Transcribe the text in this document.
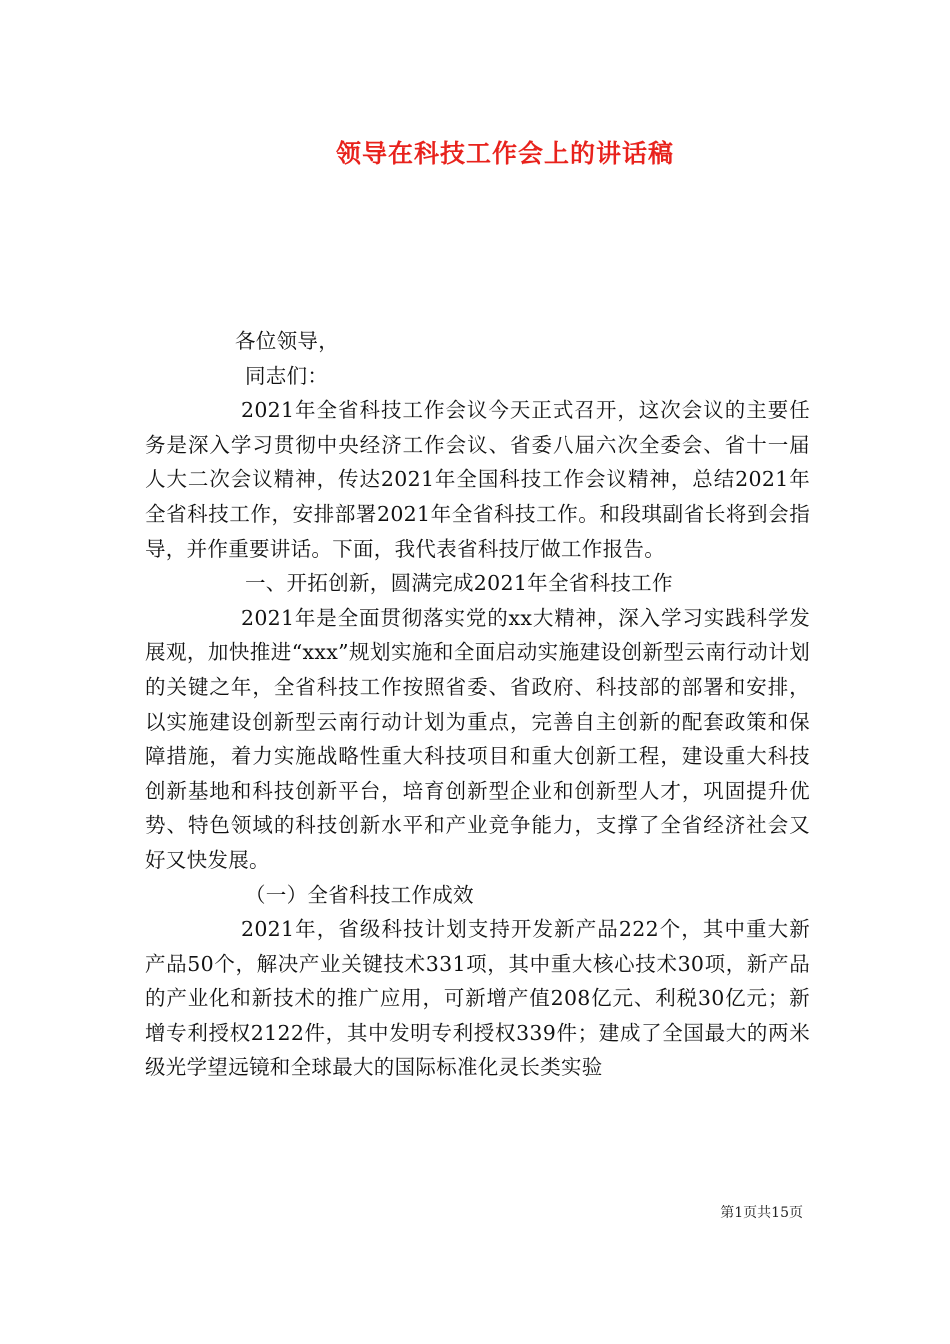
领导在科技工作会上的讲话稿

各位领导，

同志们：

2021年全省科技工作会议今天正式召开，这次会议的主要任务是深入学习贯彻中央经济工作会议、省委八届六次全委会、省十一届人大二次会议精神，传达2021年全国科技工作会议精神，总结2021年全省科技工作，安排部署2021年全省科技工作。和段琪副省长将到会指导，并作重要讲话。下面，我代表省科技厅做工作报告。

一、开拓创新，圆满完成2021年全省科技工作

2021年是全面贯彻落实党的xx大精神，深入学习实践科学发展观，加快推进“xxx”规划实施和全面启动实施建设创新型云南行动计划的关键之年，全省科技工作按照省委、省政府、科技部的部署和安排，以实施建设创新型云南行动计划为重点，完善自主创新的配套政策和保障措施，着力实施战略性重大科技项目和重大创新工程，建设重大科技创新基地和科技创新平台，培育创新型企业和创新型人才，巩固提升优势、特色领域的科技创新水平和产业竞争能力，支撑了全省经济社会又好又快发展。

（一）全省科技工作成效

2021年，省级科技计划支持开发新产品222个，其中重大新产品50个，解决产业关键技术331项，其中重大核心技术30项，新产品的产业化和新技术的推广应用，可新增产值208亿元、利税30亿元；新增专利授权2122件，其中发明专利授权339件；建成了全国最大的两米级光学望远镜和全球最大的国际标准化灵长类实验

第1页共15页
